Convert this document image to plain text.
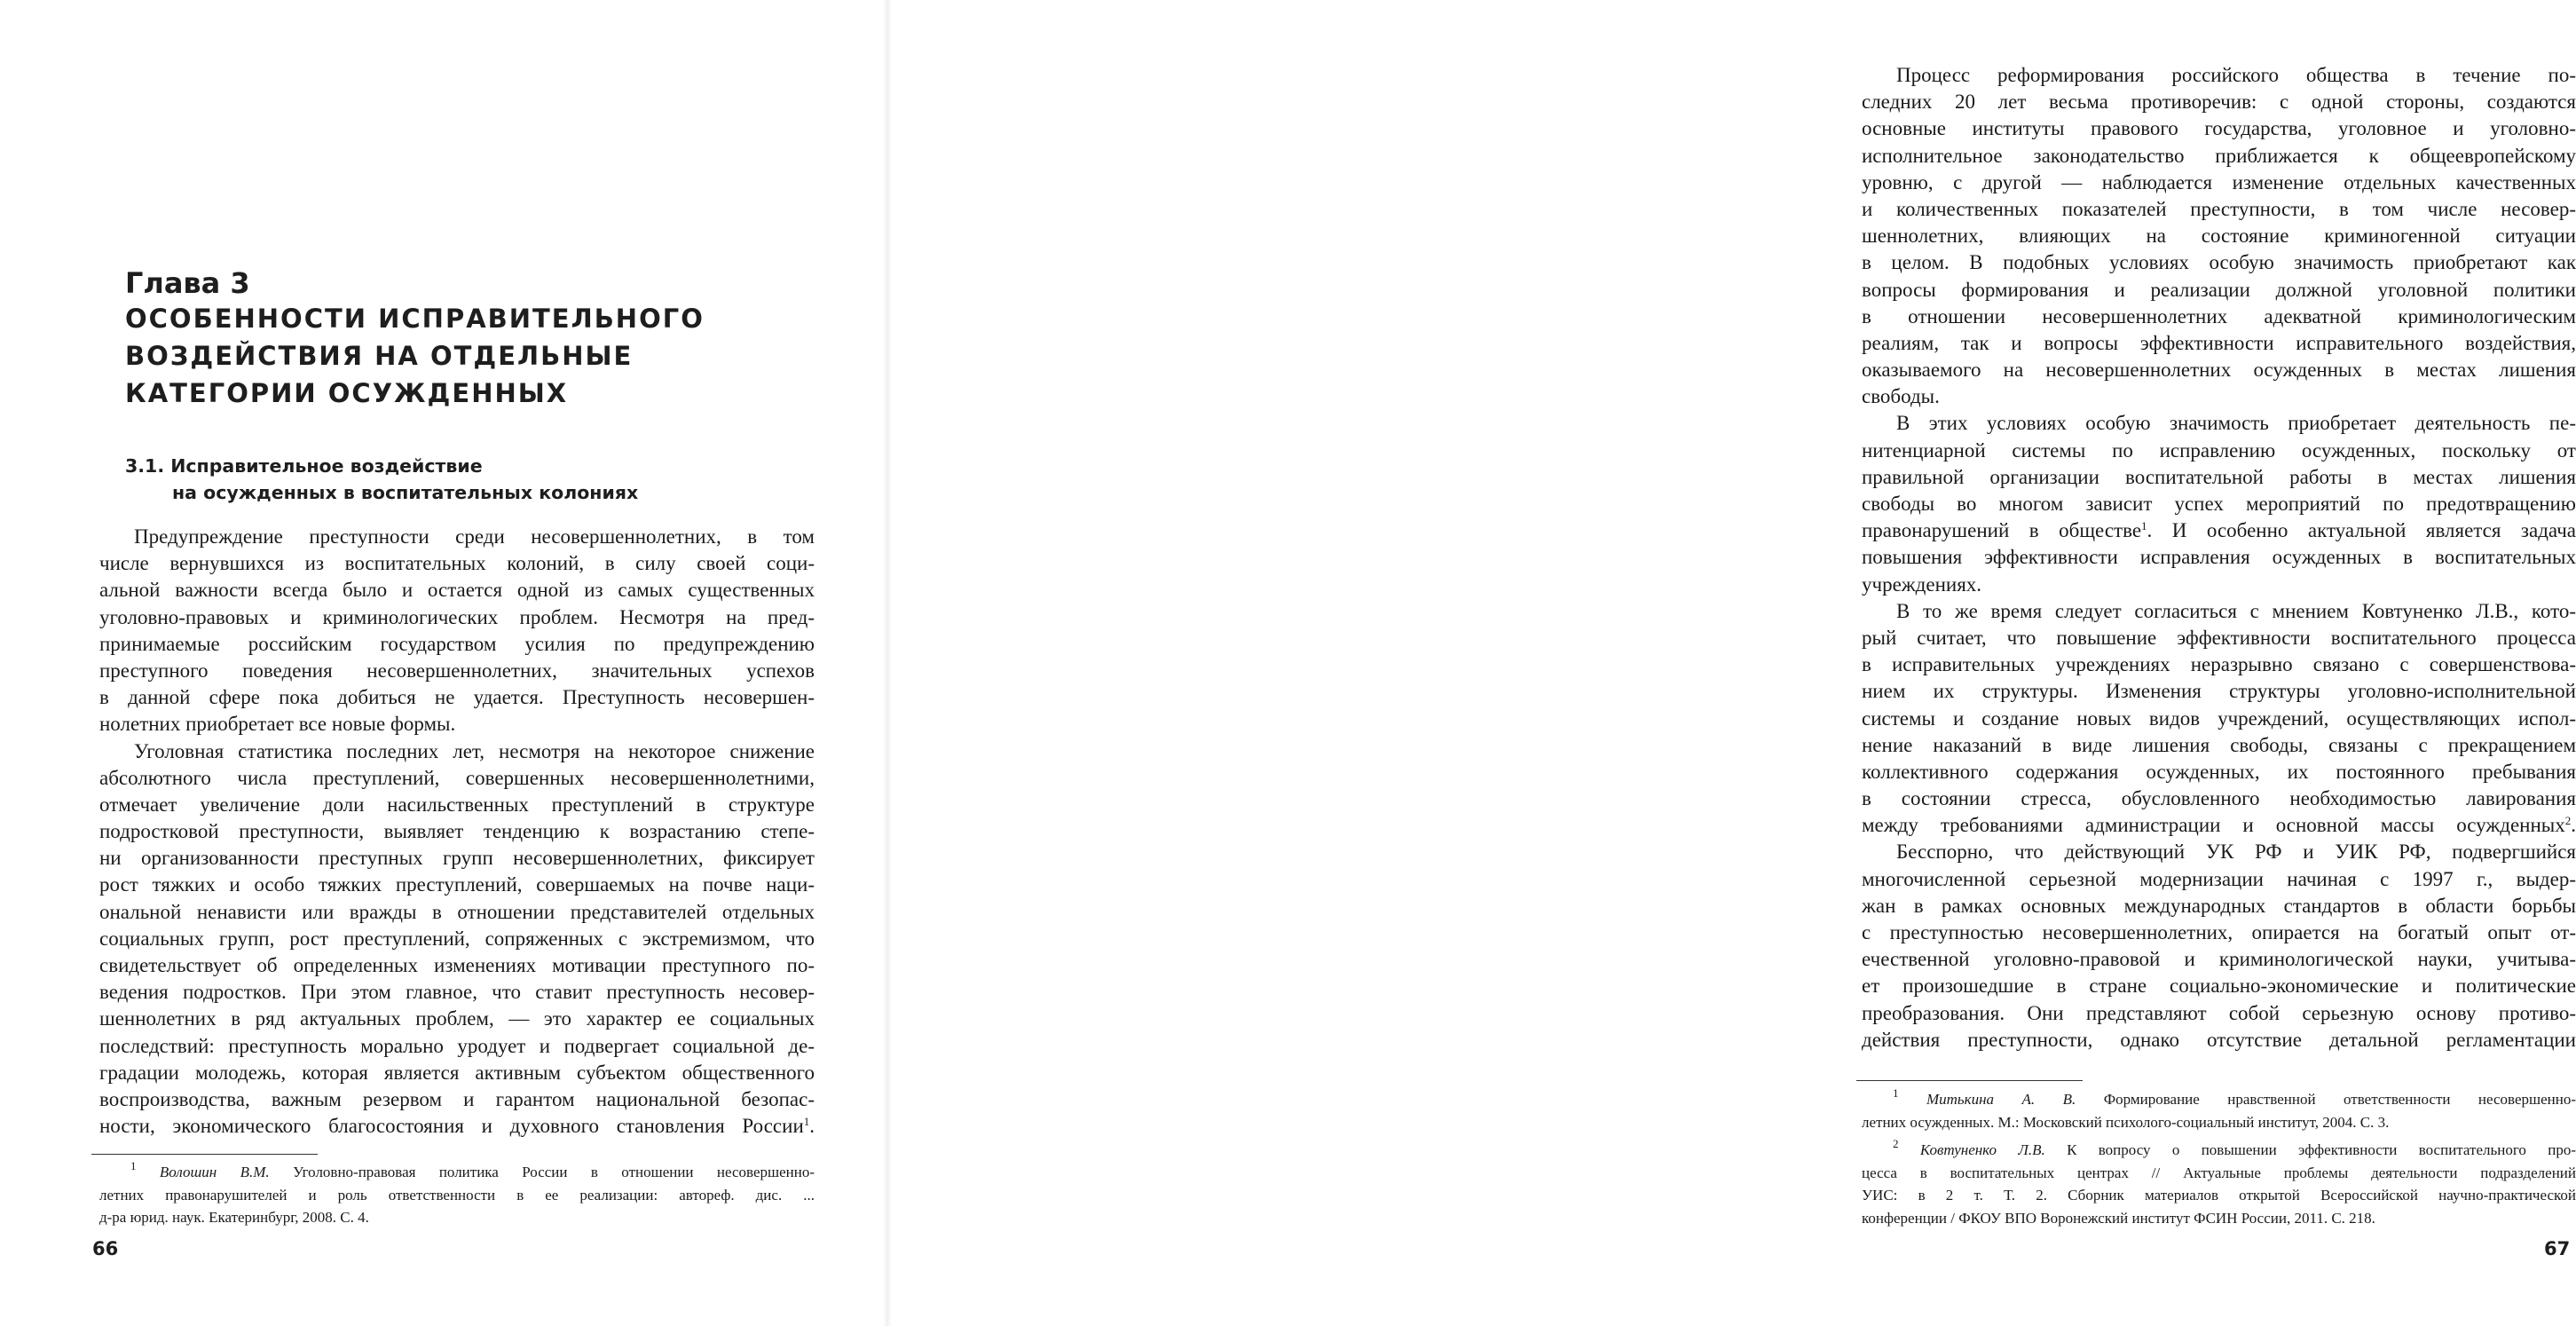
Глава 3
ОСОБЕННОСТИ ИСПРАВИТЕЛЬНОГО
ВОЗДЕЙСТВИЯ НА ОТДЕЛЬНЫЕ
КАТЕГОРИИ ОСУЖДЕННЫХ
3.1. Исправительное воздействие
на осужденных в воспитательных колониях
Предупреждение преступности среди несовершеннолетних, в том
числе вернувшихся из воспитательных колоний, в силу своей соци-
альной важности всегда было и остается одной из самых существенных
уголовно-правовых и криминологических проблем. Несмотря на пред-
принимаемые российским государством усилия по предупреждению
преступного поведения несовершеннолетних, значительных успехов
в данной сфере пока добиться не удается. Преступность несовершен-
нолетних приобретает все новые формы.
Уголовная статистика последних лет, несмотря на некоторое снижение
абсолютного числа преступлений, совершенных несовершеннолетними,
отмечает увеличение доли насильственных преступлений в структуре
подростковой преступности, выявляет тенденцию к возрастанию степе-
ни организованности преступных групп несовершеннолетних, фиксирует
рост тяжких и особо тяжких преступлений, совершаемых на почве наци-
ональной ненависти или вражды в отношении представителей отдельных
социальных групп, рост преступлений, сопряженных с экстремизмом, что
свидетельствует об определенных изменениях мотивации преступного по-
ведения подростков. При этом главное, что ставит преступность несовер-
шеннолетних в ряд актуальных проблем, — это характер ее социальных
последствий: преступность морально уродует и подвергает социальной де-
градации молодежь, которая является активным субъектом общественного
воспроизводства, важным резервом и гарантом национальной безопас-
ности, экономического благосостояния и духовного становления России$^1$.
$^1$ Волошин В.М. Уголовно-правовая политика России в отношении несовершенно-
летних правонарушителей и роль ответственности в ее реализации: автореф. дис. ...
д-ра юрид. наук. Екатеринбург, 2008. С. 4.
66
Процесс реформирования российского общества в течение по-
следних 20 лет весьма противоречив: с одной стороны, создаются
основные институты правового государства, уголовное и уголовно-
исполнительное законодательство приближается к общеевропейскому
уровню, с другой — наблюдается изменение отдельных качественных
и количественных показателей преступности, в том числе несовер-
шеннолетних, влияющих на состояние криминогенной ситуации
в целом. В подобных условиях особую значимость приобретают как
вопросы формирования и реализации должной уголовной политики
в отношении несовершеннолетних адекватной криминологическим
реалиям, так и вопросы эффективности исправительного воздействия,
оказываемого на несовершеннолетних осужденных в местах лишения
свободы.
В этих условиях особую значимость приобретает деятельность пе-
нитенциарной системы по исправлению осужденных, поскольку от
правильной организации воспитательной работы в местах лишения
свободы во многом зависит успех мероприятий по предотвращению
правонарушений в обществе$^1$. И особенно актуальной является задача
повышения эффективности исправления осужденных в воспитательных
учреждениях.
В то же время следует согласиться с мнением Ковтуненко Л.В., кото-
рый считает, что повышение эффективности воспитательного процесса
в исправительных учреждениях неразрывно связано с совершенствова-
нием их структуры. Изменения структуры уголовно-исполнительной
системы и создание новых видов учреждений, осуществляющих испол-
нение наказаний в виде лишения свободы, связаны с прекращением
коллективного содержания осужденных, их постоянного пребывания
в состоянии стресса, обусловленного необходимостью лавирования
между требованиями администрации и основной массы осужденных$^2$.
Бесспорно, что действующий УК РФ и УИК РФ, подвергшийся
многочисленной серьезной модернизации начиная с 1997 г., выдер-
жан в рамках основных международных стандартов в области борьбы
с преступностью несовершеннолетних, опирается на богатый опыт от-
ечественной уголовно-правовой и криминологической науки, учитыва-
ет произошедшие в стране социально-экономические и политические
преобразования. Они представляют собой серьезную основу противо-
действия преступности, однако отсутствие детальной регламентации
$^1$ Митькина А. В. Формирование нравственной ответственности несовершенно-
летних осужденных. М.: Московский психолого-социальный институт, 2004. С. 3.
$^2$ Ковтуненко Л.В. К вопросу о повышении эффективности воспитательного про-
цесса в воспитательных центрах // Актуальные проблемы деятельности подразделений
УИС: в 2 т. Т. 2. Сборник материалов открытой Всероссийской научно-практической
конференции / ФКОУ ВПО Воронежский институт ФСИН России, 2011. С. 218.
67
